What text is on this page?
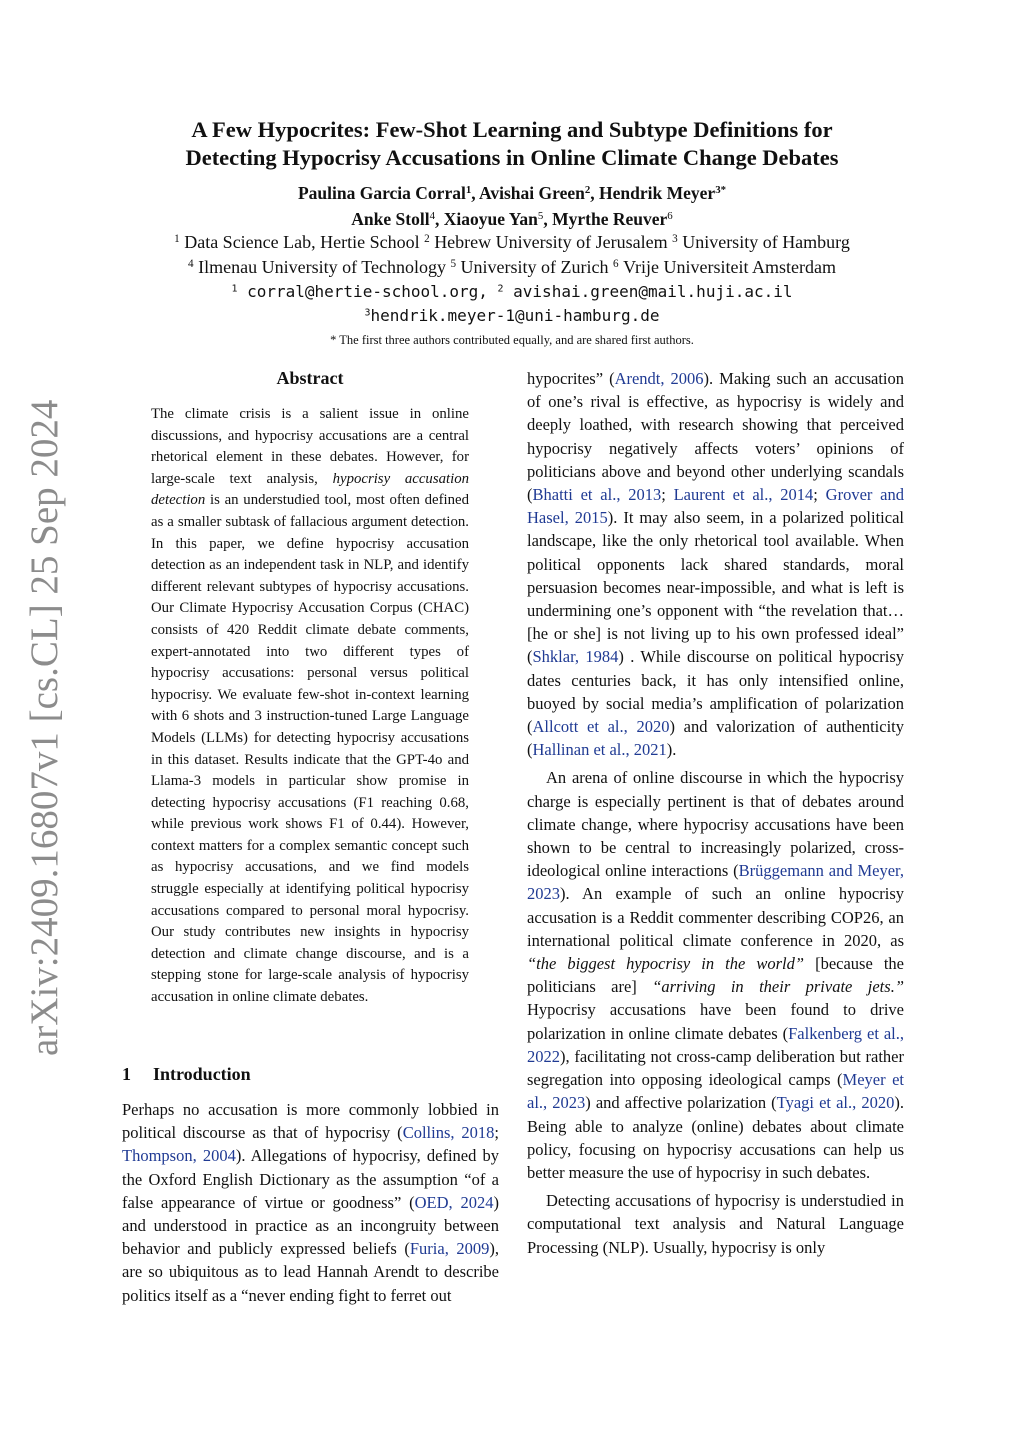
arXiv:2409.16807v1 [cs.CL] 25 Sep 2024
A Few Hypocrites: Few-Shot Learning and Subtype Definitions for
Detecting Hypocrisy Accusations in Online Climate Change Debates
Paulina Garcia Corral$^1$, Avishai Green$^2$, Hendrik Meyer$^{3*}$
Anke Stoll$^4$, Xiaoyue Yan$^5$, Myrthe Reuver$^6$
$^1$ Data Science Lab, Hertie School $^2$ Hebrew University of Jerusalem $^3$ University of Hamburg
$^4$ Ilmenau University of Technology $^5$ University of Zurich $^6$ Vrije Universiteit Amsterdam
$^1$ corral@hertie-school.org, $^2$ avishai.green@mail.huji.ac.il
$^3$hendrik.meyer-1@uni-hamburg.de
* The first three authors contributed equally, and are shared first authors.
Abstract
The climate crisis is a salient issue in online discussions, and hypocrisy accusations are a central rhetorical element in these debates. However, for large-scale text analysis, hypocrisy accusation detection is an understudied tool, most often defined as a smaller subtask of fallacious argument detection. In this paper, we define hypocrisy accusation detection as an independent task in NLP, and identify different relevant subtypes of hypocrisy accusations. Our Climate Hypocrisy Accusation Corpus (CHAC) consists of 420 Reddit climate debate comments, expert-annotated into two different types of hypocrisy accusations: personal versus political hypocrisy. We evaluate few-shot in-context learning with 6 shots and 3 instruction-tuned Large Language Models (LLMs) for detecting hypocrisy accusations in this dataset. Results indicate that the GPT-4o and Llama-3 models in particular show promise in detecting hypocrisy accusations (F1 reaching 0.68, while previous work shows F1 of 0.44). However, context matters for a complex semantic concept such as hypocrisy accusations, and we find models struggle especially at identifying political hypocrisy accusations compared to personal moral hypocrisy. Our study contributes new insights in hypocrisy detection and climate change discourse, and is a stepping stone for large-scale analysis of hypocrisy accusation in online climate debates.
1 Introduction
Perhaps no accusation is more commonly lobbied in political discourse as that of hypocrisy (Collins, 2018; Thompson, 2004). Allegations of hypocrisy, defined by the Oxford English Dictionary as the assumption “of a false appearance of virtue or goodness” (OED, 2024) and understood in practice as an incongruity between behavior and publicly expressed beliefs (Furia, 2009), are so ubiquitous as to lead Hannah Arendt to describe politics itself as a “never ending fight to ferret out

hypocrites” (Arendt, 2006). Making such an accusation of one’s rival is effective, as hypocrisy is widely and deeply loathed, with research showing that perceived hypocrisy negatively affects voters’ opinions of politicians above and beyond other underlying scandals (Bhatti et al., 2013; Laurent et al., 2014; Grover and Hasel, 2015). It may also seem, in a polarized political landscape, like the only rhetorical tool available. When political opponents lack shared standards, moral persuasion becomes near-impossible, and what is left is undermining one’s opponent with “the revelation that… [he or she] is not living up to his own professed ideal” (Shklar, 1984) . While discourse on political hypocrisy dates centuries back, it has only intensified online, buoyed by social media’s amplification of polarization (Allcott et al., 2020) and valorization of authenticity (Hallinan et al., 2021).

An arena of online discourse in which the hypocrisy charge is especially pertinent is that of debates around climate change, where hypocrisy accusations have been shown to be central to increasingly polarized, cross-ideological online interactions (Brüggemann and Meyer, 2023). An example of such an online hypocrisy accusation is a Reddit commenter describing COP26, an international political climate conference in 2020, as “the biggest hypocrisy in the world” [because the politicians are] “arriving in their private jets.” Hypocrisy accusations have been found to drive polarization in online climate debates (Falkenberg et al., 2022), facilitating not cross-camp deliberation but rather segregation into opposing ideological camps (Meyer et al., 2023) and affective polarization (Tyagi et al., 2020). Being able to analyze (online) debates about climate policy, focusing on hypocrisy accusations can help us better measure the use of hypocrisy in such debates.

Detecting accusations of hypocrisy is understudied in computational text analysis and Natural Language Processing (NLP). Usually, hypocrisy is only
